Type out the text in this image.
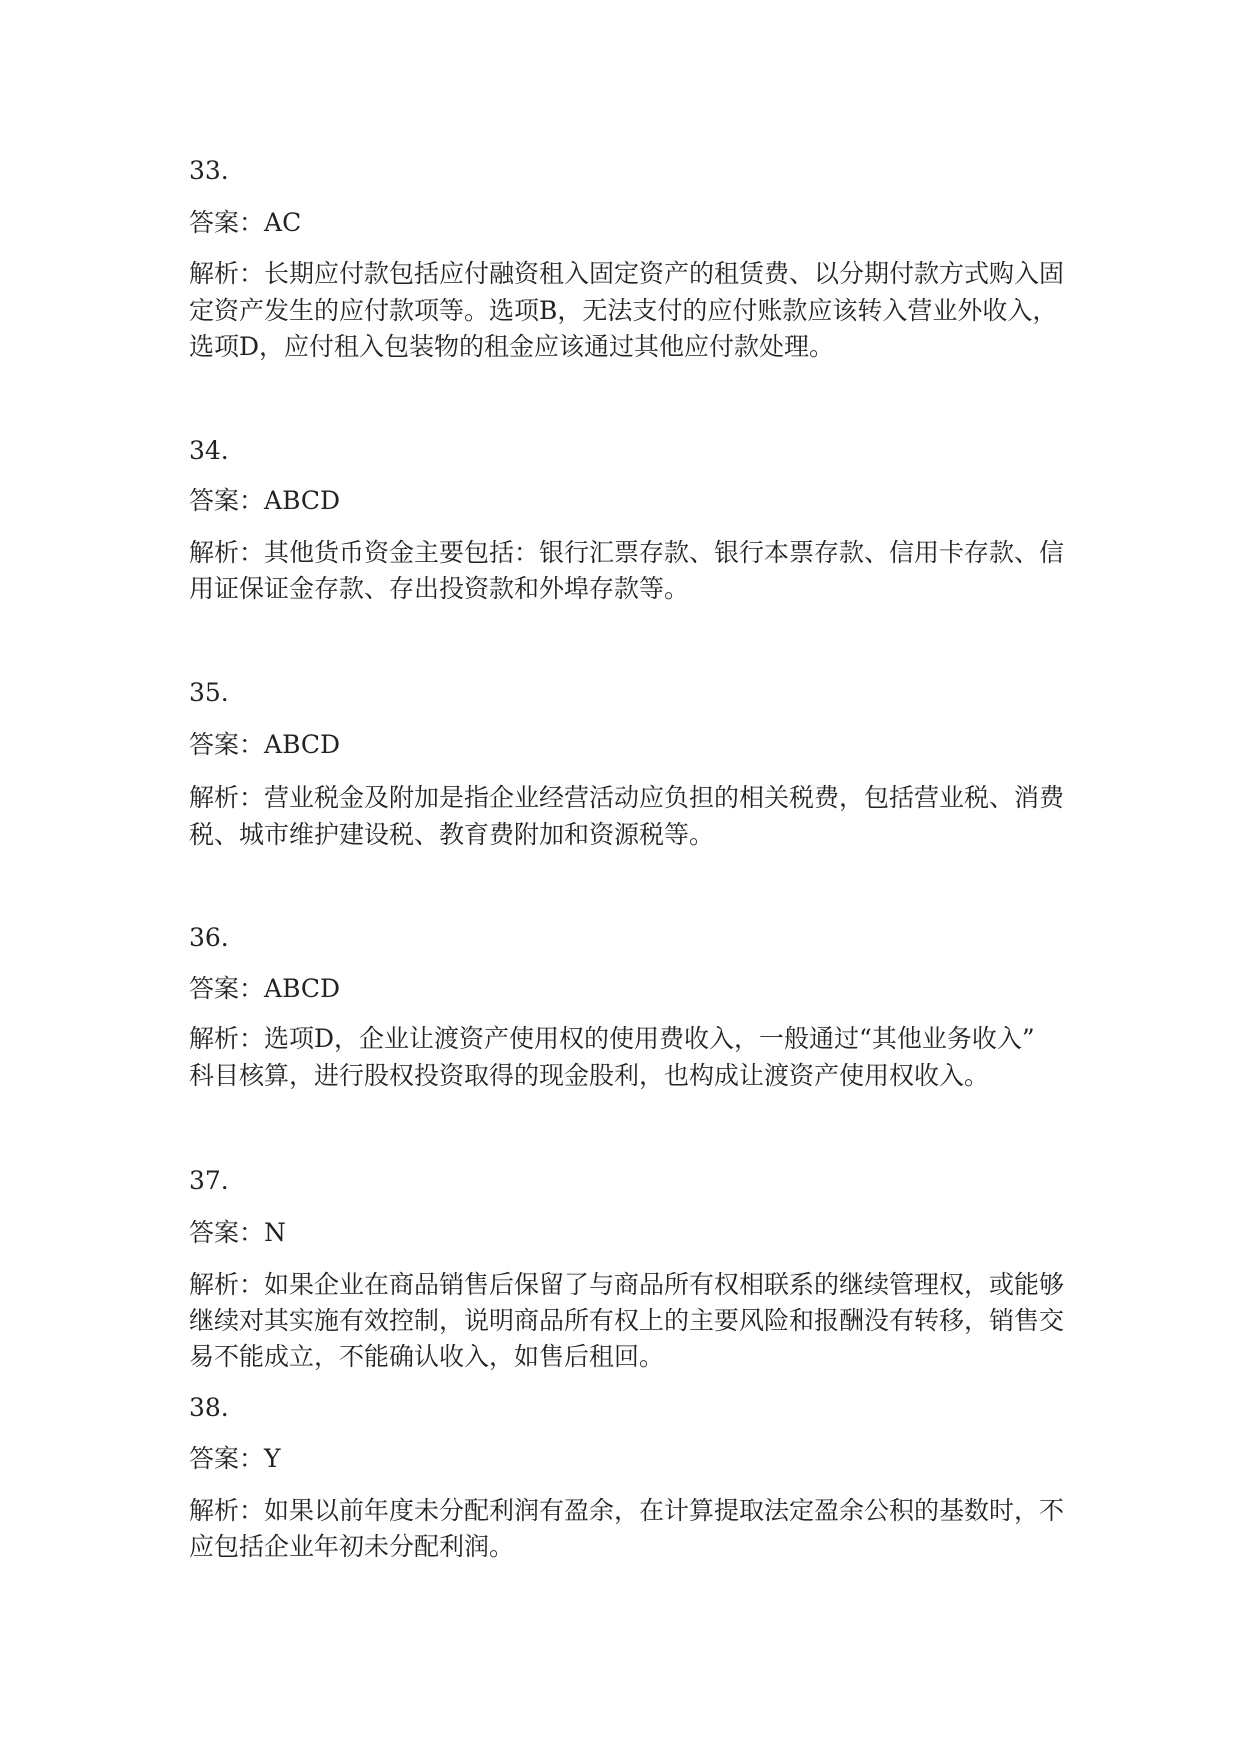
33.
答案：AC
解析：长期应付款包括应付融资租入固定资产的租赁费、以分期付款方式购入固
定资产发生的应付款项等。选项B，无法支付的应付账款应该转入营业外收入，
选项D，应付租入包装物的租金应该通过其他应付款处理。
34.
答案：ABCD
解析：其他货币资金主要包括：银行汇票存款、银行本票存款、信用卡存款、信
用证保证金存款、存出投资款和外埠存款等。
35.
答案：ABCD
解析：营业税金及附加是指企业经营活动应负担的相关税费，包括营业税、消费
税、城市维护建设税、教育费附加和资源税等。
36.
答案：ABCD
解析：选项D，企业让渡资产使用权的使用费收入，一般通过“其他业务收入”
科目核算，进行股权投资取得的现金股利，也构成让渡资产使用权收入。
37.
答案：N
解析：如果企业在商品销售后保留了与商品所有权相联系的继续管理权，或能够
继续对其实施有效控制，说明商品所有权上的主要风险和报酬没有转移，销售交
易不能成立，不能确认收入，如售后租回。
38.
答案：Y
解析：如果以前年度未分配利润有盈余，在计算提取法定盈余公积的基数时，不
应包括企业年初未分配利润。
